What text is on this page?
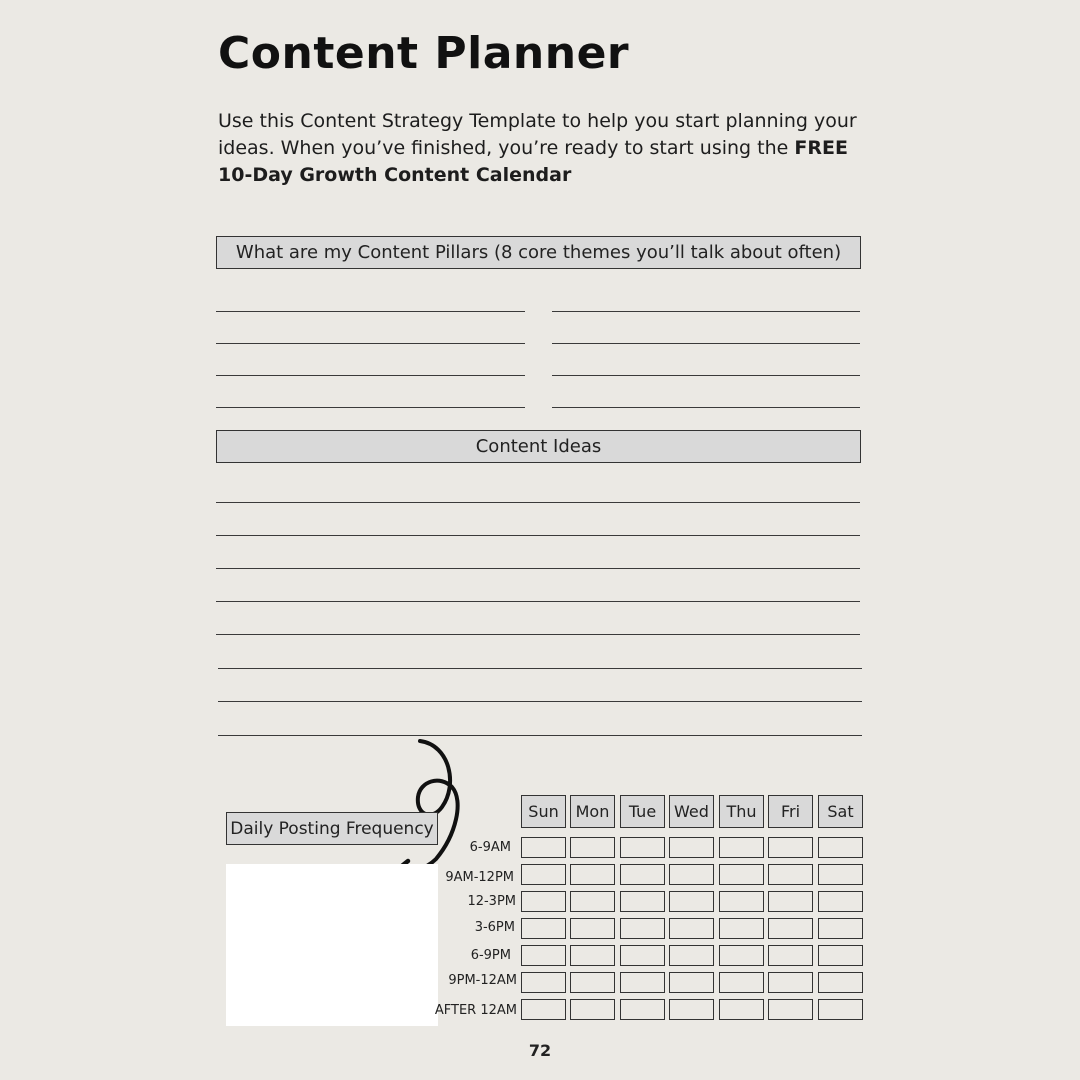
Content Planner
Use this Content Strategy Template to help you start planning your ideas. When you’ve finished, you’re ready to start using the FREE 10-Day Growth Content Calendar
What are my Content Pillars (8 core themes you’ll talk about often)
Content Ideas
Daily Posting Frequency
Sun	Mon	Tue	Wed	Thu	Fri	Sat
6-9AM
9AM-12PM
12-3PM
3-6PM
6-9PM
9PM-12AM
AFTER 12AM
72
